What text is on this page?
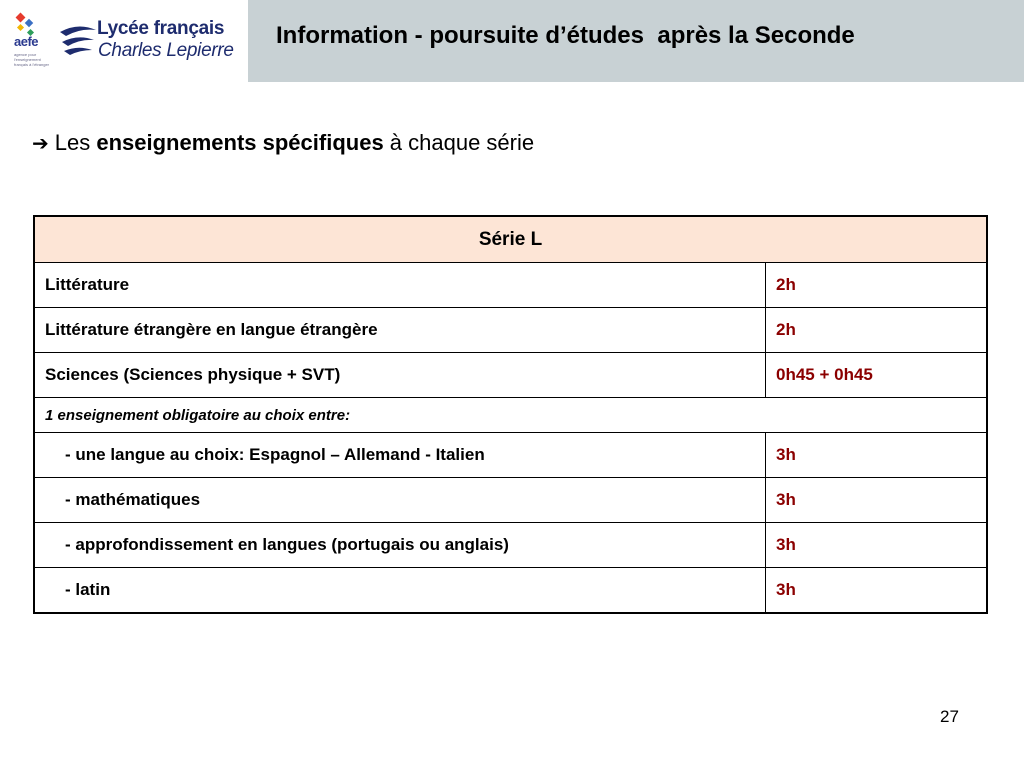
aefe
agence pour l'enseignement français à l'étranger
Lycée français
Charles Lepierre
Information - poursuite d’études  après la Seconde
➔ Les enseignements spécifiques à chaque série
Série L	
Littérature	2h
Littérature étrangère en langue étrangère	2h
Sciences (Sciences physique + SVT)	0h45 + 0h45
1 enseignement obligatoire au choix entre:	
- une langue au choix: Espagnol – Allemand - Italien	3h
- mathématiques	3h
- approfondissement en langues (portugais ou anglais)	3h
- latin	3h
27
